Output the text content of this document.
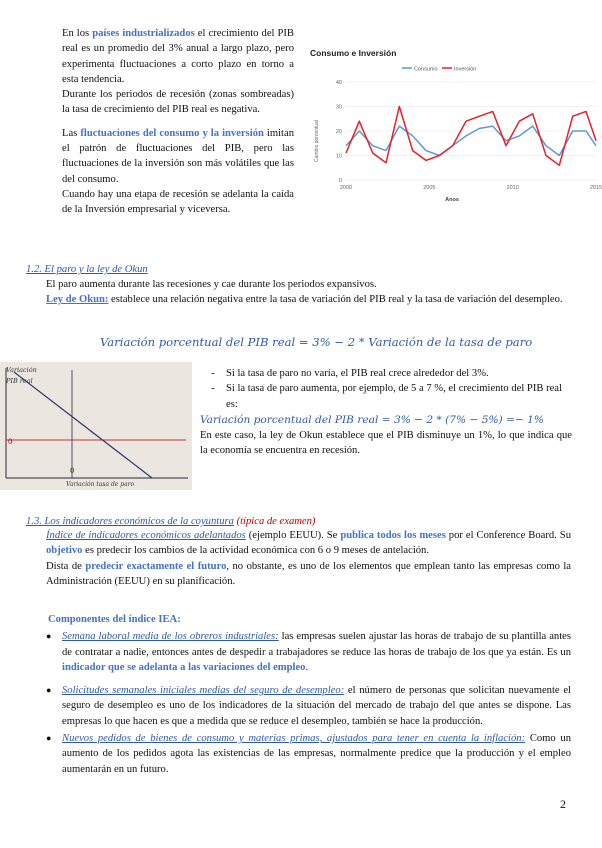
En los países industrializados el crecimiento del PIB real es un promedio del 3% anual a largo plazo, pero experimenta fluctuaciones a corto plazo en torno a esta tendencia.

Durante los periodos de recesión (zonas sombreadas) la tasa de crecimiento del PIB real es negativa.

Las fluctuaciones del consumo y la inversión imitan el patrón de fluctuaciones del PIB, pero las fluctuaciones de la inversión son más volátiles que las del consumo.

Cuando hay una etapa de recesión se adelanta la caída de la Inversión empresarial y viceversa.

Consumo e Inversión
Consumo	Inversión
Cambio porcentual
0
10
20
30
40
2000	2005	2010	2015
Anos
1.2. El paro y la ley de Okun

El paro aumenta durante las recesiones y cae durante los periodos expansivos.

Ley de Okun: establece una relación negativa entre la tasa de variación del PIB real y la tasa de variación del desempleo.

Variación porcentual del PIB real = 3% − 2 * Variación de la tasa de paro
Variación
PIB real
0
0
Variación tasa de paro
-	Si la tasa de paro no varía, el PIB real crece alrededor del 3%.
-	Si la tasa de paro aumenta, por ejemplo, de 5 a 7 %, el crecimiento del PIB real es:
Variación porcentual del PIB real = 3% − 2 * (7% − 5%) =− 1%

En este caso, la ley de Okun establece que el PIB disminuye un 1%, lo que indica que la economía se encuentra en recesión.

1.3. Los indicadores económicos de la coyuntura (típica de examen)

Índice de indicadores económicos adelantados (ejemplo EEUU). Se publica todos los meses por el Conference Board. Su objetivo es predecir los cambios de la actividad económica con 6 o 9 meses de antelación.

Dista de predecir exactamente el futuro, no obstante, es uno de los elementos que emplean tanto las empresas como la Administración (EEUU) en su planificación.

Componentes del índice IEA:
● Semana laboral media de los obreros industriales: las empresas suelen ajustar las horas de trabajo de su plantilla antes de contratar a nadie, entonces antes de despedir a trabajadores se reduce las horas de trabajo de los que ya están. Es un indicador que se adelanta a las variaciones del empleo.

● Solicitudes semanales iniciales medias del seguro de desempleo: el número de personas que solicitan nuevamente el seguro de desempleo es uno de los indicadores de la situación del mercado de trabajo del que antes se dispone. Las empresas lo que hacen es que a medida que se reduce el desempleo, también se hace la producción.

● Nuevos pedidos de bienes de consumo y materias primas, ajustados para tener en cuenta la inflación: Como un aumento de los pedidos agota las existencias de las empresas, normalmente predice que la producción y el empleo aumentarán en un futuro.

2
